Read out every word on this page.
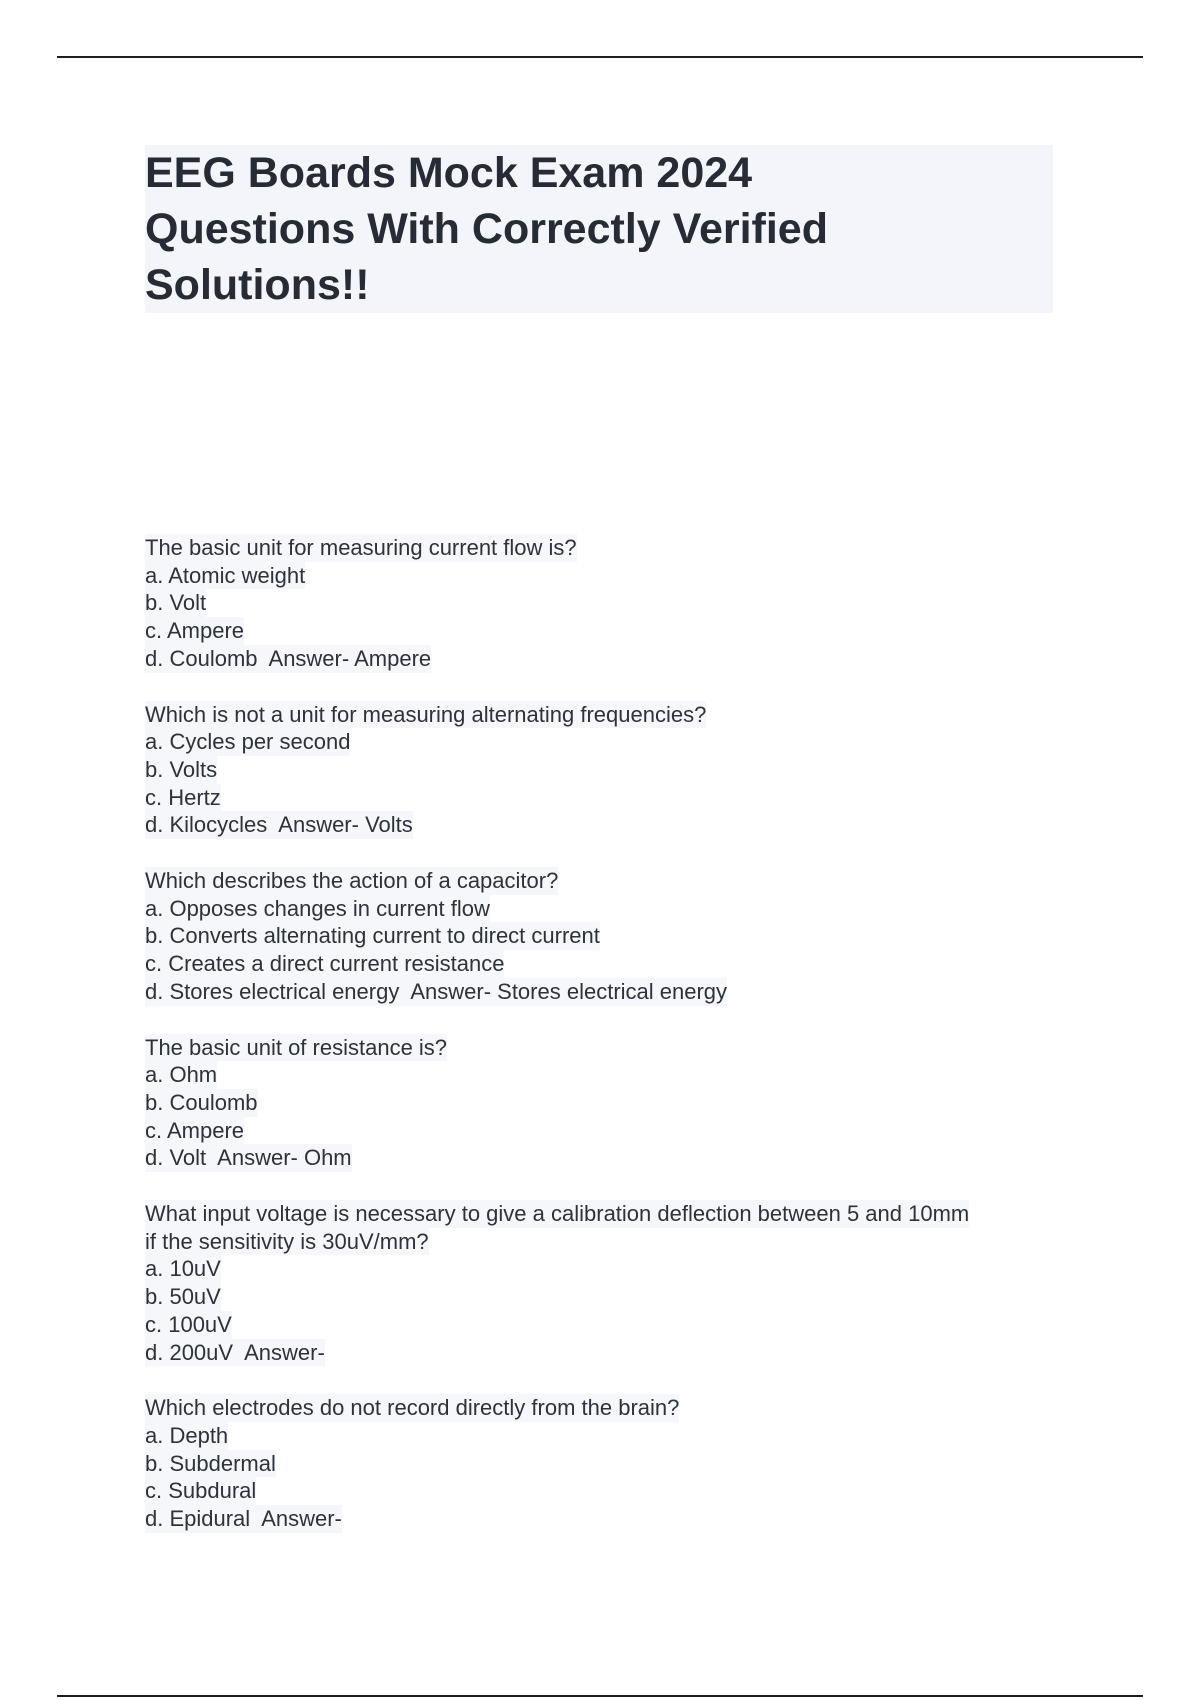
EEG Boards Mock Exam 2024
Questions With Correctly Verified
Solutions!!
The basic unit for measuring current flow is?
a. Atomic weight
b. Volt
c. Ampere
d. Coulomb  Answer- Ampere
Which is not a unit for measuring alternating frequencies?
a. Cycles per second
b. Volts
c. Hertz
d. Kilocycles  Answer- Volts
Which describes the action of a capacitor?
a. Opposes changes in current flow
b. Converts alternating current to direct current
c. Creates a direct current resistance
d. Stores electrical energy  Answer- Stores electrical energy
The basic unit of resistance is?
a. Ohm
b. Coulomb
c. Ampere
d. Volt  Answer- Ohm
What input voltage is necessary to give a calibration deflection between 5 and 10mm
if the sensitivity is 30uV/mm?
a. 10uV
b. 50uV
c. 100uV
d. 200uV  Answer-
Which electrodes do not record directly from the brain?
a. Depth
b. Subdermal
c. Subdural
d. Epidural  Answer-
